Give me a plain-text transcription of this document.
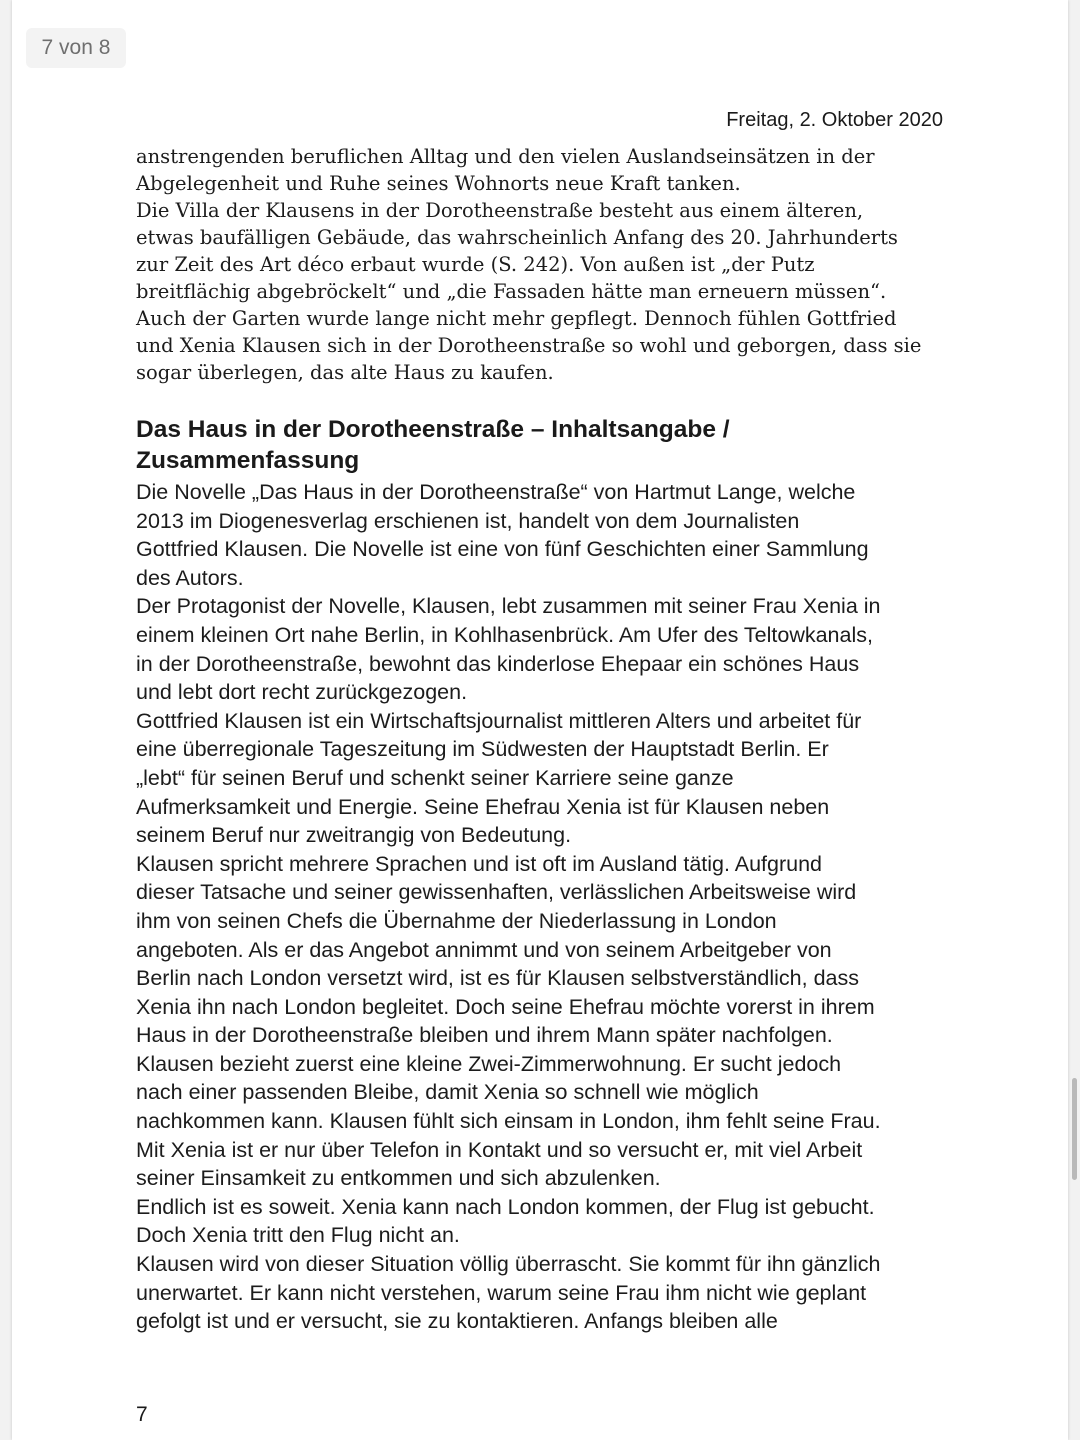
Freitag, 2. Oktober 2020

anstrengenden beruflichen Alltag und den vielen Auslandseinsätzen in der

Abgelegenheit und Ruhe seines Wohnorts neue Kraft tanken.

Die Villa der Klausens in der Dorotheenstraße besteht aus einem älteren,

etwas baufälligen Gebäude, das wahrscheinlich Anfang des 20. Jahrhunderts

zur Zeit des Art déco erbaut wurde (S. 242). Von außen ist „der Putz

breitflächig abgebröckelt“ und „die Fassaden hätte man erneuern müssen“.

Auch der Garten wurde lange nicht mehr gepflegt. Dennoch fühlen Gottfried

und Xenia Klausen sich in der Dorotheenstraße so wohl und geborgen, dass sie

sogar überlegen, das alte Haus zu kaufen.

Das Haus in der Dorotheenstraße – Inhaltsangabe /
Zusammenfassung

Die Novelle „Das Haus in der Dorotheenstraße“ von Hartmut Lange, welche

2013 im Diogenesverlag erschienen ist, handelt von dem Journalisten

Gottfried Klausen. Die Novelle ist eine von fünf Geschichten einer Sammlung

des Autors.

Der Protagonist der Novelle, Klausen, lebt zusammen mit seiner Frau Xenia in

einem kleinen Ort nahe Berlin, in Kohlhasenbrück. Am Ufer des Teltowkanals,

in der Dorotheenstraße, bewohnt das kinderlose Ehepaar ein schönes Haus

und lebt dort recht zurückgezogen.

Gottfried Klausen ist ein Wirtschaftsjournalist mittleren Alters und arbeitet für

eine überregionale Tageszeitung im Südwesten der Hauptstadt Berlin. Er

„lebt“ für seinen Beruf und schenkt seiner Karriere seine ganze

Aufmerksamkeit und Energie. Seine Ehefrau Xenia ist für Klausen neben

seinem Beruf nur zweitrangig von Bedeutung.

Klausen spricht mehrere Sprachen und ist oft im Ausland tätig. Aufgrund

dieser Tatsache und seiner gewissenhaften, verlässlichen Arbeitsweise wird

ihm von seinen Chefs die Übernahme der Niederlassung in London

angeboten. Als er das Angebot annimmt und von seinem Arbeitgeber von

Berlin nach London versetzt wird, ist es für Klausen selbstverständlich, dass

Xenia ihn nach London begleitet. Doch seine Ehefrau möchte vorerst in ihrem

Haus in der Dorotheenstraße bleiben und ihrem Mann später nachfolgen.

Klausen bezieht zuerst eine kleine Zwei-Zimmerwohnung. Er sucht jedoch

nach einer passenden Bleibe, damit Xenia so schnell wie möglich

nachkommen kann. Klausen fühlt sich einsam in London, ihm fehlt seine Frau.

Mit Xenia ist er nur über Telefon in Kontakt und so versucht er, mit viel Arbeit

seiner Einsamkeit zu entkommen und sich abzulenken.

Endlich ist es soweit. Xenia kann nach London kommen, der Flug ist gebucht.

Doch Xenia tritt den Flug nicht an.

Klausen wird von dieser Situation völlig überrascht. Sie kommt für ihn gänzlich

unerwartet. Er kann nicht verstehen, warum seine Frau ihm nicht wie geplant

gefolgt ist und er versucht, sie zu kontaktieren. Anfangs bleiben alle

7
7 von 8
